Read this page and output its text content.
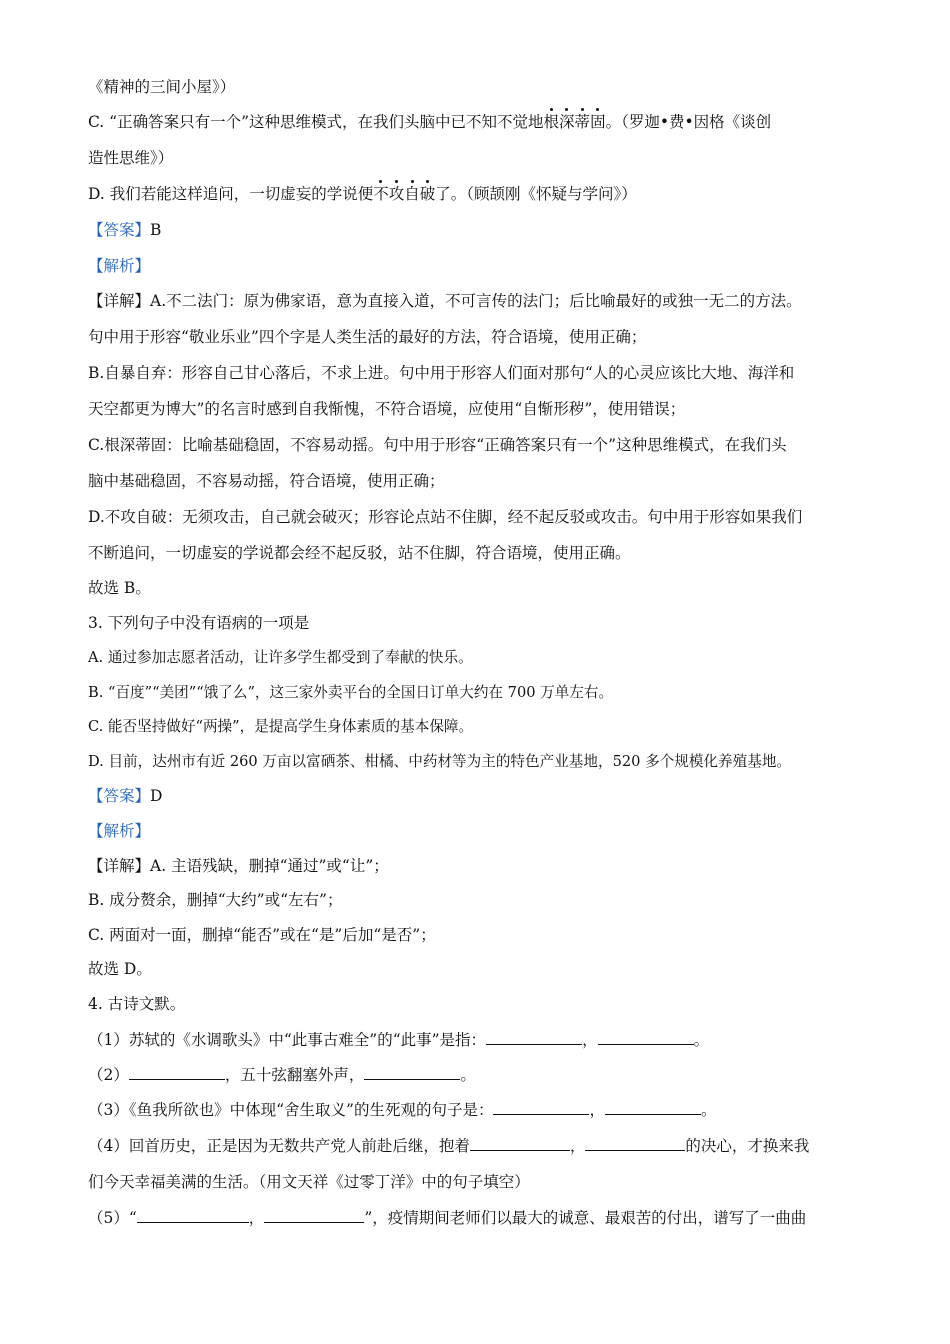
《精神的三间小屋》）

C. “正确答案只有一个”这种思维模式，在我们头脑中已不知不觉地根深蒂固。（罗迦•费•因格《谈创

造性思维》）

D. 我们若能这样追问，一切虚妄的学说便不攻自破了。（顾颉刚《怀疑与学问》）

【答案】B

【解析】

【详解】A.不二法门：原为佛家语，意为直接入道，不可言传的法门；后比喻最好的或独一无二的方法。

句中用于形容“敬业乐业”四个字是人类生活的最好的方法，符合语境，使用正确；

B.自暴自弃：形容自己甘心落后，不求上进。句中用于形容人们面对那句“人的心灵应该比大地、海洋和

天空都更为博大”的名言时感到自我惭愧，不符合语境，应使用“自惭形秽”，使用错误；

C.根深蒂固：比喻基础稳固，不容易动摇。句中用于形容“正确答案只有一个”这种思维模式，在我们头

脑中基础稳固，不容易动摇，符合语境，使用正确；

D.不攻自破：无须攻击，自己就会破灭；形容论点站不住脚，经不起反驳或攻击。句中用于形容如果我们

不断追问，一切虚妄的学说都会经不起反驳，站不住脚，符合语境，使用正确。

故选 B。

3. 下列句子中没有语病的一项是

A. 通过参加志愿者活动，让许多学生都受到了奉献的快乐。

B. “百度”“美团”“饿了么”，这三家外卖平台的全国日订单大约在 700 万单左右。

C. 能否坚持做好“两操”，是提高学生身体素质的基本保障。

D. 目前，达州市有近 260 万亩以富硒茶、柑橘、中药材等为主的特色产业基地，520 多个规模化养殖基地。

【答案】D

【解析】

【详解】A. 主语残缺，删掉“通过”或“让”；

B. 成分赘余，删掉“大约”或“左右”；

C. 两面对一面，删掉“能否”或在“是”后加“是否”；

故选 D。

4. 古诗文默。

（1）苏轼的《水调歌头》中“此事古难全”的“此事”是指：	，	。

（2）	，五十弦翻塞外声，	。

（3）《鱼我所欲也》中体现“舍生取义”的生死观的句子是：	，	。

（4）回首历史，正是因为无数共产党人前赴后继，抱着	，	的决心，才换来我

们今天幸福美满的生活。（用文天祥《过零丁洋》中的句子填空）

（5）“	，	”，疫情期间老师们以最大的诚意、最艰苦的付出，谱写了一曲曲
